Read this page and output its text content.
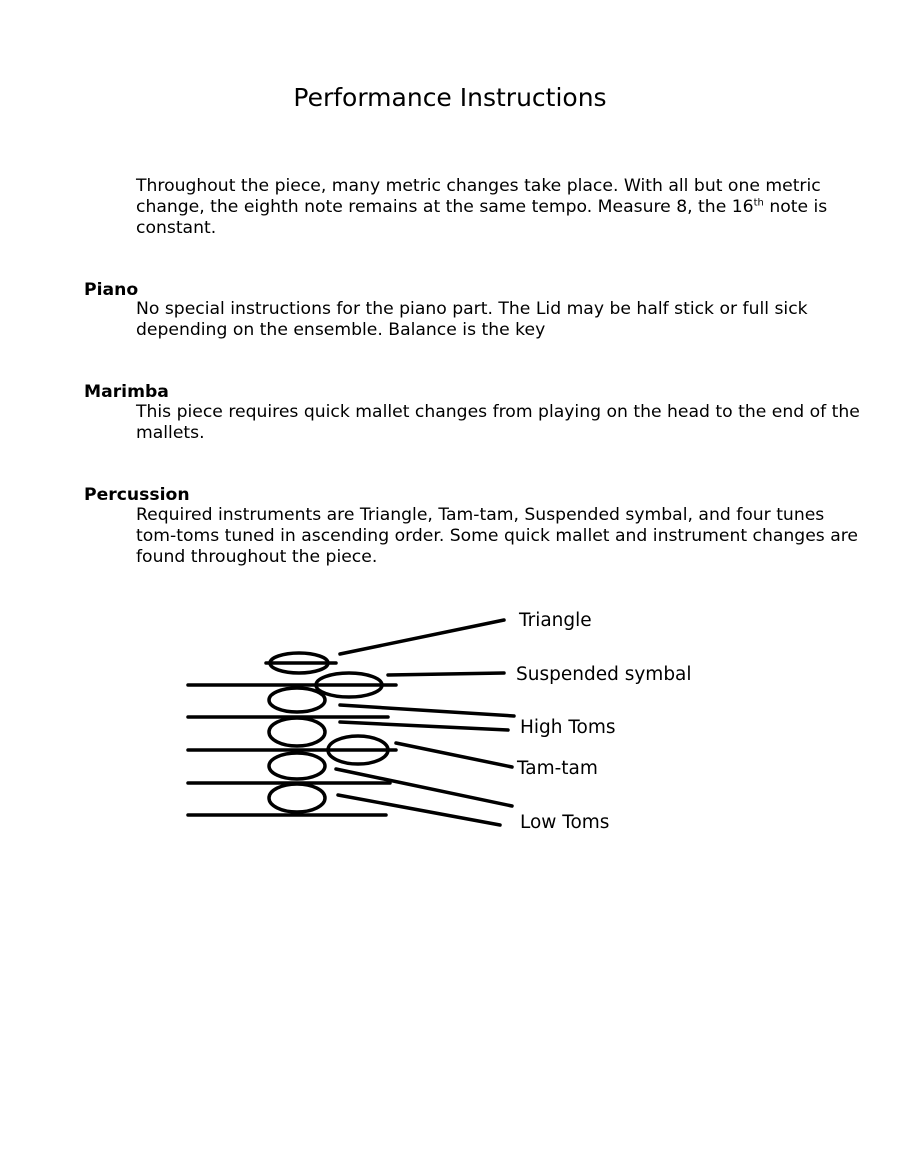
Performance Instructions

Throughout the piece, many metric changes take place. With all but one metric change, the eighth note remains at the same tempo. Measure 8, the 16th note is constant.

Piano

No special instructions for the piano part. The Lid may be half stick or full sick depending on the ensemble. Balance is the key

Marimba

This piece requires quick mallet changes from playing on the head to the end of the mallets.

Percussion

Required instruments are Triangle, Tam-tam, Suspended symbal, and four tunes tom-toms tuned in ascending order. Some quick mallet and instrument changes are found throughout the piece.

Triangle
Suspended symbal
High Toms
Tam-tam
Low Toms
